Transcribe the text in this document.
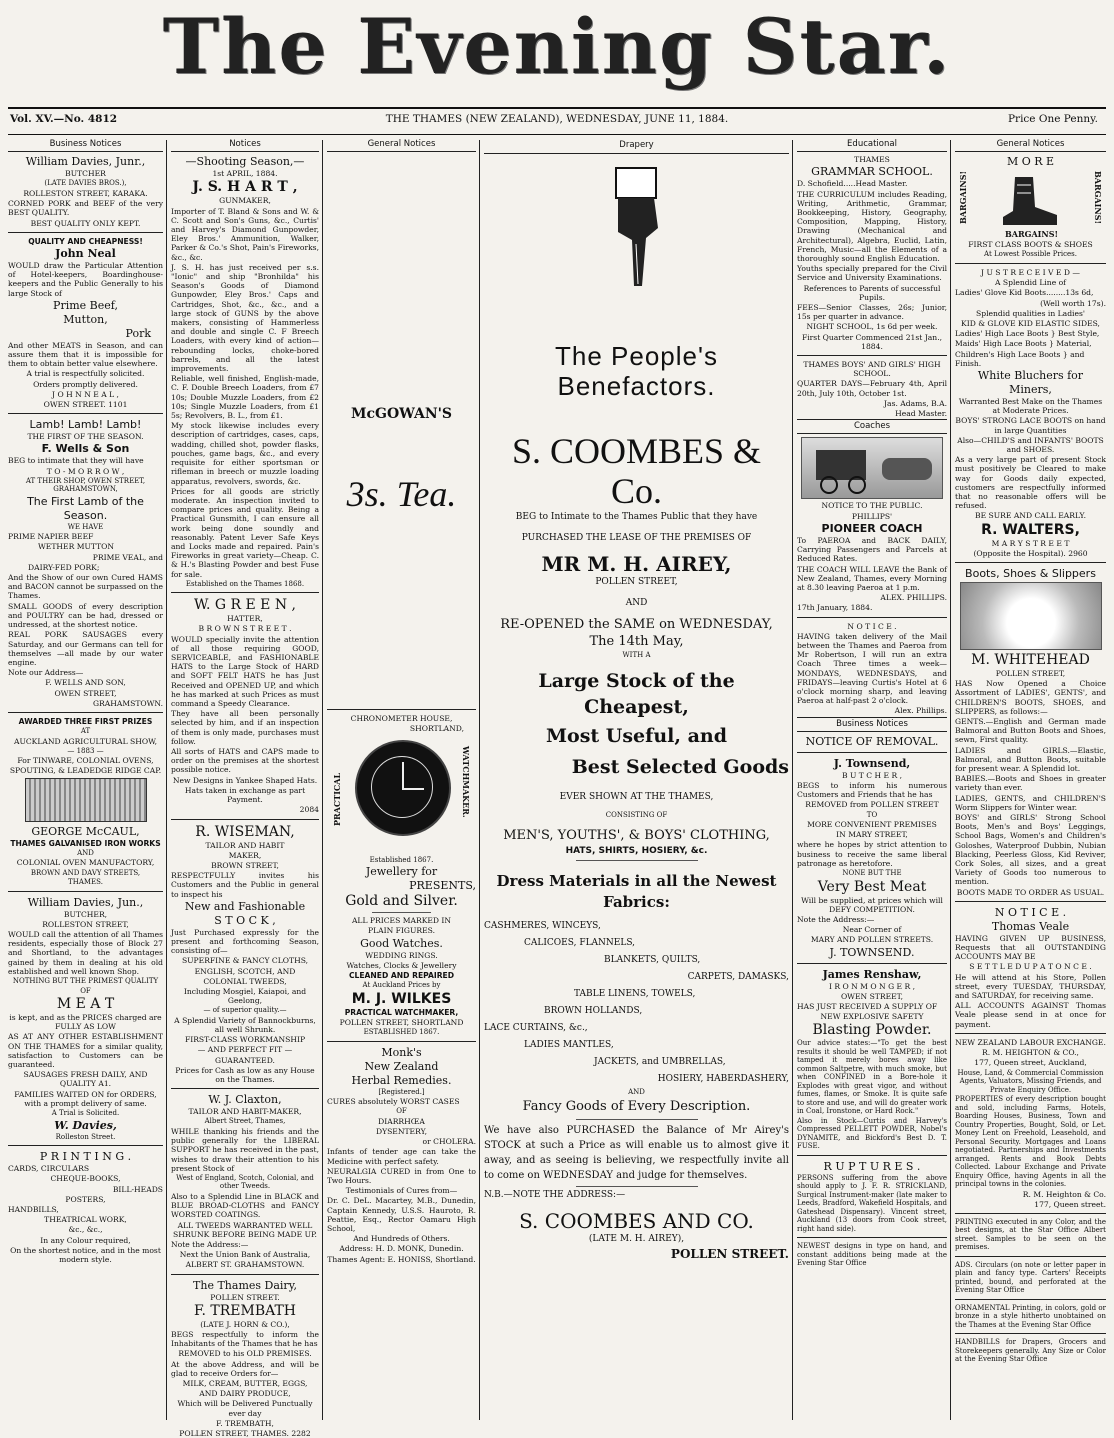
The Evening Star.
Vol. XV.—No. 4812	THE THAMES (NEW ZEALAND), WEDNESDAY, JUNE 11, 1884.	Price One Penny.
Business Notices

William Davies, Junr.,

BUTCHER

(LATE DAVIES BROS.),

ROLLESTON STREET, KARAKA.

CORNED PORK and BEEF of the very BEST QUALITY.

BEST QUALITY ONLY KEPT.

QUALITY AND CHEAPNESS!

John Neal

WOULD draw the Particular Attention of Hotel-keepers, Boardinghouse-keepers and the Public Generally to his large Stock of

Prime Beef,

Mutton,

Pork

And other MEATS in Season, and can assure them that it is impossible for them to obtain better value elsewhere.

A trial is respectfully solicited.

Orders promptly delivered.

J O H N N E A L ,

OWEN STREET. 1101

Lamb! Lamb! Lamb!

THE FIRST OF THE SEASON.

F. Wells & Son

BEG to intimate that they will have

T O - M O R R O W ,

AT THEIR SHOP, OWEN STREET, GRAHAMSTOWN,

The First Lamb of the

Season.

WE HAVE

PRIME NAPIER BEEF

WETHER MUTTON

PRIME VEAL, and

DAIRY-FED PORK;

And the Show of our own Cured HAMS and BACON cannot be surpassed on the Thames.

SMALL GOODS of every description and POULTRY can be had, dressed or undressed, at the shortest notice.

REAL PORK SAUSAGES every Saturday, and our Germans can tell for themselves —all made by our water engine.

Note our Address—

F. WELLS AND SON,

OWEN STREET,

GRAHAMSTOWN.

AWARDED THREE FIRST PRIZES

AT

AUCKLAND AGRICULTURAL SHOW,

— 1883 —

For TINWARE, COLONIAL OVENS, SPOUTING, & LEADEDGE RIDGE CAP.

GEORGE McCAUL,

THAMES GALVANISED IRON WORKS

AND

COLONIAL OVEN MANUFACTORY,

BROWN AND DAVY STREETS,

THAMES.

William Davies, Jun.,

BUTCHER,

ROLLESTON STREET,

WOULD call the attention of all Thames residents, especially those of Block 27 and Shortland, to the advantages gained by them in dealing at his old established and well known Shop.

NOTHING BUT THE PRIMEST QUALITY

OF

M E A T

is kept, and as the PRICES charged are FULLY AS LOW

AS AT ANY OTHER ESTABLISHMENT ON THE THAMES for a similar quality, satisfaction to Customers can be guaranteed.

SAUSAGES FRESH DAILY, AND QUALITY A1.

FAMILIES WAITED ON for ORDERS, with a prompt delivery of same.

A Trial is Solicited.

W. Davies,

Rolleston Street.

P R I N T I N G .

CARDS, CIRCULARS

CHEQUE-BOOKS,

BILL-HEADS

POSTERS,

HANDBILLS,

THEATRICAL WORK,

&c., &c.,

In any Colour required,

On the shortest notice, and in the most modern style.

Notices

—Shooting Season,—

1st APRIL, 1884.

J. S. H A R T ,

GUNMAKER,

Importer of T. Bland & Sons and W. & C. Scott and Son's Guns, &c., Curtis' and Harvey's Diamond Gunpowder, Eley Bros.' Ammunition, Walker, Parker & Co.'s Shot, Pain's Fireworks, &c., &c.

J. S. H. has just received per s.s. "Ionic" and ship "Bronhilda" his Season's Goods of Diamond Gunpowder, Eley Bros.' Caps and Cartridges, Shot, &c., &c., and a large stock of GUNS by the above makers, consisting of Hammerless and double and single C. F Breech Loaders, with every kind of action—rebounding locks, choke-bored barrels, and all the latest improvements.

Reliable, well finished, English-made, C. F. Double Breech Loaders, from £7 10s; Double Muzzle Loaders, from £2 10s; Single Muzzle Loaders, from £1 5s; Revolvers, B. L., from £1.

My stock likewise includes every description of cartridges, cases, caps, wadding, chilled shot, powder flasks, pouches, game bags, &c., and every requisite for either sportsman or rifleman in breech or muzzle loading apparatus, revolvers, swords, &c.

Prices for all goods are strictly moderate. An inspection invited to compare prices and quality. Being a Practical Gunsmith, I can ensure all work being done soundly and reasonably. Patent Lever Safe Keys and Locks made and repaired. Pain's Fireworks in great variety—Cheap. C. & H.'s Blasting Powder and best Fuse for sale.

Established on the Thames 1868.

W. G R E E N ,

HATTER,

B R O W N S T R E E T .

WOULD specially invite the attention of all those requiring GOOD, SERVICEABLE, and FASHIONABLE HATS to the Large Stock of HARD and SOFT FELT HATS he has Just Received and OPENED UP, and which he has marked at such Prices as must command a Speedy Clearance.

They have all been personally selected by him, and if an inspection of them is only made, purchases must follow.

All sorts of HATS and CAPS made to order on the premises at the shortest possible notice.

New Designs in Yankee Shaped Hats.

Hats taken in exchange as part Payment.

2084

R. WISEMAN,

TAILOR AND HABIT

MAKER,

BROWN STREET,

RESPECTFULLY invites his Customers and the Public in general to inspect his

New and Fashionable

S T O C K ,

Just Purchased expressly for the present and forthcoming Season, consisting of—

SUPERFINE & FANCY CLOTHS,

ENGLISH, SCOTCH, AND

COLONIAL TWEEDS,

Including Mosgiel, Kaiapoi, and Geelong,

— of superior quality.—

A Splendid Variety of Bannockburns, all well Shrunk.

FIRST-CLASS WORKMANSHIP

— AND PERFECT FIT —

GUARANTEED.

Prices for Cash as low as any House on the Thames.

W. J. Claxton,

TAILOR AND HABIT-MAKER,

Albert Street, Thames,

WHILE thanking his friends and the public generally for the LIBERAL SUPPORT he has received in the past, wishes to draw their attention to his present Stock of

West of England, Scotch, Colonial, and other Tweeds.

Also to a Splendid Line in BLACK and BLUE BROAD-CLOTHS and FANCY WORSTED COATINGS.

ALL TWEEDS WARRANTED WELL SHRUNK BEFORE BEING MADE UP.

Note the Address:—

Next the Union Bank of Australia,

ALBERT ST. GRAHAMSTOWN.

The Thames Dairy,

POLLEN STREET.

F. TREMBATH

(LATE J. HORN & CO.),

BEGS respectfully to inform the Inhabitants of the Thames that he has

REMOVED to his OLD PREMISES.

At the above Address, and will be glad to receive Orders for—

MILK, CREAM, BUTTER, EGGS,

AND DAIRY PRODUCE,

Which will be Delivered Punctually ever day

F. TREMBATH,

POLLEN STREET, THAMES. 2282

General Notices

McGOWAN'S

3s. Tea.

CHRONOMETER HOUSE,

SHORTLAND,

PRACTICAL	WATCHMAKER.

Established 1867.

Jewellery for

PRESENTS,

Gold and Silver.

ALL PRICES MARKED IN

PLAIN FIGURES.

Good Watches.

WEDDING RINGS.

Watches, Clocks & Jewellery

CLEANED AND REPAIRED

At Auckland Prices by

M. J. WILKES

PRACTICAL WATCHMAKER,

POLLEN STREET, SHORTLAND

ESTABLISHED 1867.

Monk's

New Zealand

Herbal Remedies.

[Registered.]

CURES absolutely WORST CASES

OF

DIARRHŒA

DYSENTERY,

or CHOLERA.

Infants of tender age can take the Medicine with perfect safety.

NEURALGIA CURED in from One to Two Hours.

Testimonials of Cures from—

Dr. C. DeL. Macartey, M.B., Dunedin, Captain Kennedy, U.S.S. Hauroto, R. Peattie, Esq., Rector Oamaru High School,

And Hundreds of Others.

Address: H. D. MONK, Dunedin.

Thames Agent: E. HONISS, Shortland.

Drapery

The People's Benefactors.

S. COOMBES & Co.

BEG to Intimate to the Thames Public that they have

PURCHASED THE LEASE OF THE PREMISES OF

MR M. H. AIREY,

POLLEN STREET,

AND

RE-OPENED the SAME on WEDNESDAY,

The 14th May,

WITH A

Large Stock of the Cheapest,

Most Useful, and

Best Selected Goods

EVER SHOWN AT THE THAMES,

CONSISTING OF

MEN'S, YOUTHS', & BOYS' CLOTHING,

HATS, SHIRTS, HOSIERY, &c.

Dress Materials in all the Newest

Fabrics:

CASHMERES, WINCEYS,

CALICOES, FLANNELS,

BLANKETS, QUILTS,

CARPETS, DAMASKS,

TABLE LINENS, TOWELS,

BROWN HOLLANDS,

LACE CURTAINS, &c.,

LADIES MANTLES,

JACKETS, and UMBRELLAS,

HOSIERY, HABERDASHERY,

AND

Fancy Goods of Every Description.

We have also PURCHASED the Balance of Mr Airey's STOCK at such a Price as will enable us to almost give it away, and as seeing is believing, we respectfully invite all to come on WEDNESDAY and judge for themselves.

N.B.—NOTE THE ADDRESS:—

S. COOMBES AND CO.

(LATE M. H. AIREY),

POLLEN STREET.

Educational

THAMES

GRAMMAR SCHOOL.

D. Schofield.....Head Master.

THE CURRICULUM includes Reading, Writing, Arithmetic, Grammar, Bookkeeping, History, Geography, Composition, Mapping, History, Drawing (Mechanical and Architectural), Algebra, Euclid, Latin, French, Music—all the Elements of a thoroughly sound English Education.

Youths specially prepared for the Civil Service and University Examinations.

References to Parents of successful Pupils.

FEES—Senior Classes, 26s; Junior, 15s per quarter in advance.

NIGHT SCHOOL, 1s 6d per week.

First Quarter Commenced 21st Jan., 1884.

THAMES BOYS' AND GIRLS' HIGH SCHOOL.

QUARTER DAYS—February 4th, April 20th, July 10th, October 1st.

Jas. Adams, B.A.

Head Master.

Coaches

NOTICE TO THE PUBLIC.

PHILLIPS'

PIONEER COACH

To PAEROA and BACK DAILY, Carrying Passengers and Parcels at Reduced Rates.

THE COACH WILL LEAVE the Bank of New Zealand, Thames, every Morning at 8.30 leaving Paeroa at 1 p.m.

ALEX. PHILLIPS.

17th January, 1884.

N O T I C E .

HAVING taken delivery of the Mail between the Thames and Paeroa from Mr Robertson, I will run an extra Coach Three times a week—MONDAYS, WEDNESDAYS, and FRIDAYS—leaving Curtis's Hotel at 6 o'clock morning sharp, and leaving Paeroa at half-past 2 o'clock.

Alex. Phillips.

Business Notices

NOTICE OF REMOVAL.

J. Townsend,

B U T C H E R ,

BEGS to inform his numerous Customers and Friends that he has

REMOVED from POLLEN STREET

TO

MORE CONVENIENT PREMISES

IN MARY STREET,

where he hopes by strict attention to business to receive the same liberal patronage as heretofore.

NONE BUT THE

Very Best Meat

Will be supplied, at prices which will DEFY COMPETITION.

Note the Address:—

Near Corner of

MARY AND POLLEN STREETS.

J. TOWNSEND.

James Renshaw,

I R O N M O N G E R ,

OWEN STREET,

HAS JUST RECEIVED A SUPPLY OF

NEW EXPLOSIVE SAFETY

Blasting Powder.

Our advice states:—"To get the best results it should be well TAMPED; if not tamped it merely bores away like common Saltpetre, with much smoke, but when CONFINED in a Bore-hole it Explodes with great vigor, and without fumes, flames, or Smoke. It is quite safe to store and use, and will do greater work in Coal, Ironstone, or Hard Rock."

Also in Stock—Curtis and Harvey's Compressed PELLETT POWDER, Nobel's DYNAMITE, and Bickford's Best D. T. FUSE.

R U P T U R E S .

PERSONS suffering from the above should apply to J. F. R. STRICKLAND, Surgical Instrument-maker (late maker to Leeds, Bradford, Wakefield Hospitals, and Gateshead Dispensary). Vincent street, Auckland (13 doors from Cook street, right hand side).

NEWEST designs in type on hand, and constant additions being made at the Evening Star Office

General Notices

M O R E

BARGAINS!	BARGAINS!
BARGAINS!

FIRST CLASS BOOTS & SHOES

At Lowest Possible Prices.

J U S T R E C E I V E D —

A Splendid Line of

Ladies' Glove Kid Boots........13s 6d,

(Well worth 17s).

Splendid qualities in Ladies'

KID & GLOVE KID ELASTIC SIDES,

Ladies' High Lace Boots } Best Style,

Maids' High Lace Boots } Material,

Children's High Lace Boots } and Finish.

White Bluchers for

Miners,

Warranted Best Make on the Thames at Moderate Prices.

BOYS' STRONG LACE BOOTS on hand in large Quantities

Also—CHILD'S and INFANTS' BOOTS and SHOES.

As a very large part of present Stock must positively be Cleared to make way for Goods daily expected, customers are respectfully informed that no reasonable offers will be refused.

BE SURE AND CALL EARLY.

R. WALTERS,

M A R Y S T R E E T

(Opposite the Hospital). 2960

Boots, Shoes & Slippers

M. WHITEHEAD

POLLEN STREET,

HAS Now Opened a Choice Assortment of LADIES', GENTS', and CHILDREN'S BOOTS, SHOES, and SLIPPERS, as follows:—

GENTS.—English and German made Balmoral and Button Boots and Shoes, sewn, First quality.

LADIES and GIRLS.—Elastic, Balmoral, and Button Boots, suitable for present wear. A Splendid lot.

BABIES.—Boots and Shoes in greater variety than ever.

LADIES, GENTS, and CHILDREN'S Worm Slippers for Winter wear.

BOYS' and GIRLS' Strong School Boots, Men's and Boys' Leggings, School Bags, Women's and Children's Goloshes, Waterproof Dubbin, Nubian Blacking, Peerless Gloss, Kid Reviver, Cork Soles, all sizes, and a great Variety of Goods too numerous to mention.

BOOTS MADE TO ORDER AS USUAL.

N O T I C E .

Thomas Veale

HAVING GIVEN UP BUSINESS, Requests that all OUTSTANDING ACCOUNTS MAY BE

S E T T L E D U P A T O N C E .

He will attend at his Store, Pollen street, every TUESDAY, THURSDAY, and SATURDAY, for receiving same.

ALL ACCOUNTS AGAINST Thomas Veale please send in at once for payment.

NEW ZEALAND LABOUR EXCHANGE.

R. M. HEIGHTON & CO.,

177, Queen street, Auckland,

House, Land, & Commercial Commission Agents, Valuators, Missing Friends, and Private Enquiry Office.

PROPERTIES of every description bought and sold, including Farms, Hotels, Boarding Houses, Business, Town and Country Properties, Bought, Sold, or Let. Money Lent on Freehold, Leasehold, and Personal Security. Mortgages and Loans negotiated. Partnerships and Investments arranged. Rents and Book Debts Collected. Labour Exchange and Private Enquiry Office, having Agents in all the principal towns in the colonies.

R. M. Heighton & Co.

177, Queen street.

PRINTING executed in any Color, and the best designs, at the Star Office Albert street. Samples to be seen on the premises.

ADS. Circulars (on note or letter paper in plain and fancy type. Carters' Receipts printed, bound, and perforated at the Evening Star Office

ORNAMENTAL Printing, in colors, gold or bronze in a style hitherto unobtained on the Thames at the Evening Star Office

HANDBILLS for Drapers, Grocers and Storekeepers generally. Any Size or Color at the Evening Star Office
